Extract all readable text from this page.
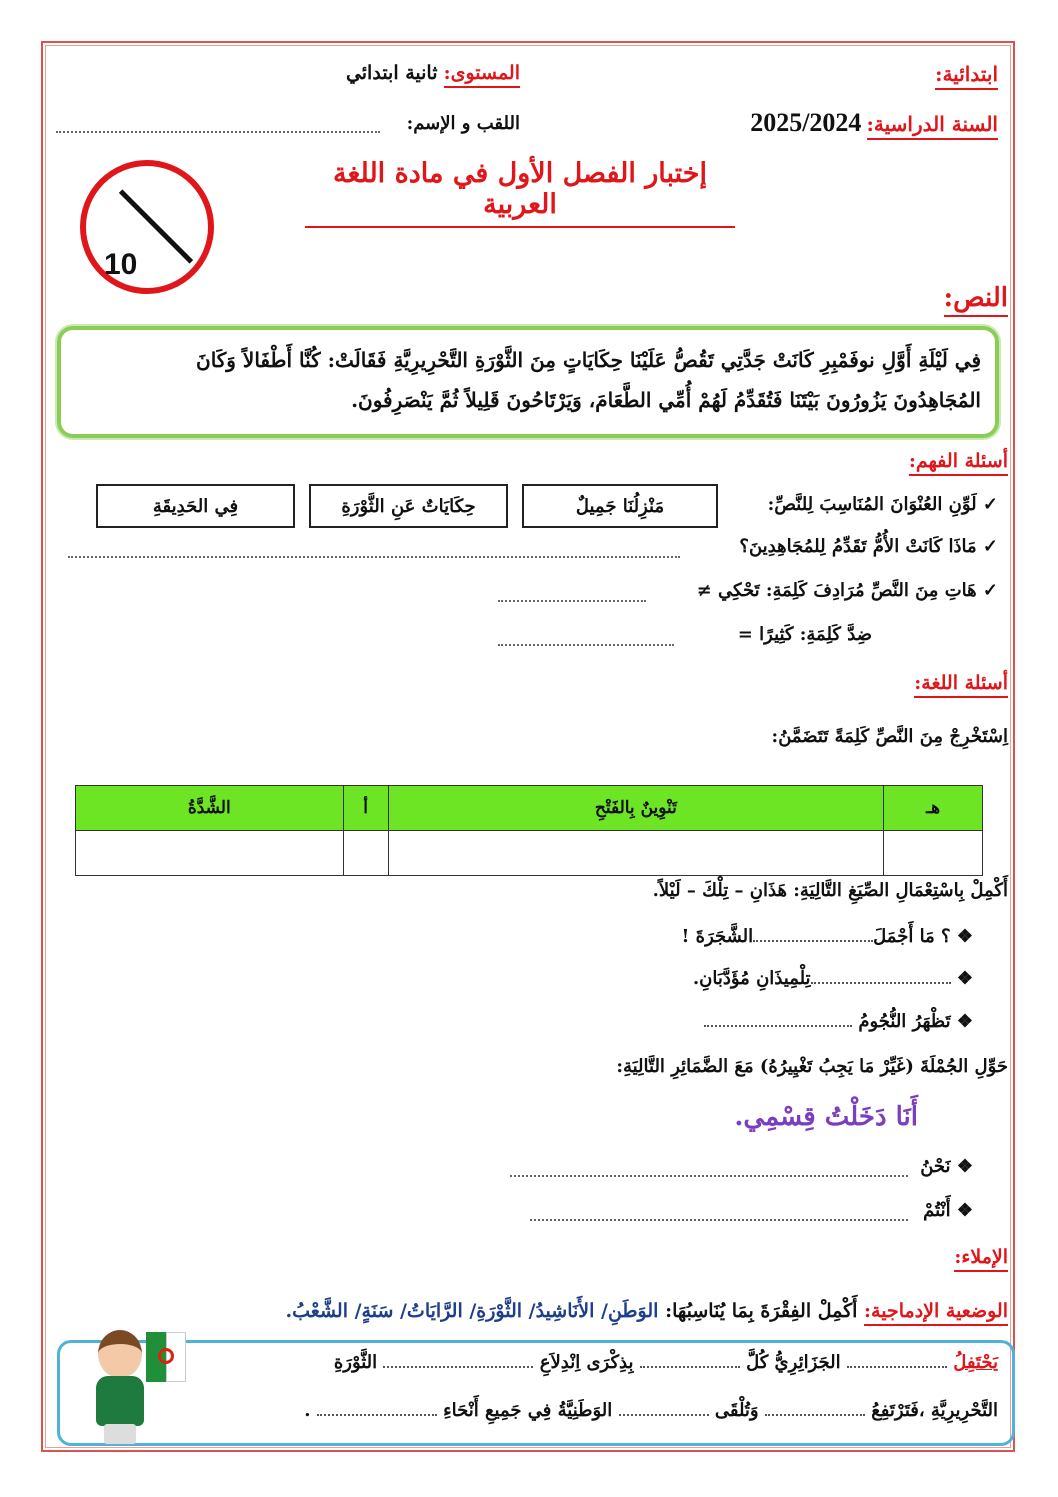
ابتدائية:
المستوى: ثانية ابتدائي
السنة الدراسية: 2025/2024
اللقب و الإسم:
إختبار الفصل الأول في مادة اللغة العربية
10
النص:
فِي لَيْلَةِ أَوَّلِ نوفَمْبِرِ كَانَتْ جَدَّتِي تَقُصُّ عَلَيْنَا حِكَايَاتٍ مِنَ الثَّوْرَةِ التَّحْرِيرِيَّةِ فَقَالَتْ: كُنَّا أَطْفَالاً وَكَانَ
المُجَاهِدُونَ يَزُورُونَ بَيْتَنَا فَتُقَدِّمُ لَهُمْ أُمِّي الطَّعَامَ، وَيَرْتَاحُونَ قَلِيلاً ثُمَّ يَنْصَرِفُونَ.
أسئلة الفهم:
✓ لَوِّنِ العُنْوَانَ المُنَاسِبَ لِلنَّصِّ:
مَنْزِلُنَا جَمِيلٌ
حِكَايَاتٌ عَنِ الثَّوْرَةِ
فِي الحَدِيقَةِ
✓ مَاذَا كَانَتْ الأُمُّ تَقَدِّمُ لِلمُجَاهِدِينَ؟
✓ هَاتِ مِنَ النَّصِّ مُرَادِفَ كَلِمَةِ: تَحْكِي ≠
ضِدَّ كَلِمَةِ: كَثِيرًا =
أسئلة اللغة:
اِسْتَخْرِجْ مِنَ النَّصِّ كَلِمَةً تَتَضَمَّنُ:
الشَّدَّةُ	أ	تَنْوِينٌ بِالفَتْحِ	هـ

أَكْمِلْ بِاسْتِعْمَالِ الصِّيَغِ التَّالِيَةِ: هَذَانِ – تِلْكَ – لَيْلاً.
❖ ؟ مَا أَجْمَلَالشَّجَرَةَ !
❖ تِلْمِيذَانِ مُؤَدَّبَانِ.
❖ تَظْهَرُ النُّجُومُ
حَوِّلِ الجُمْلَةَ (غَيِّرْ مَا يَجِبُ تَغْيِيرُهُ) مَعَ الضَّمَائِرِ التَّالِيَةِ:
أَنَا دَخَلْتُ قِسْمِي.
❖ نَحْنُ
❖ أَنْتُمْ
الإملاء:
الوضعية الإدماجية: أَكْمِلْ الفِقْرَةَ بِمَا يُنَاسِبُهَا: الوَطَنِ/ الأَنَاشِيدُ/ الثَّوْرَةِ/ الرَّايَاتُ/ سَنَةٍ/ الشَّعْبُ.
يَحْتَفِلُ  الجَزَائِرِيُّ كُلَّ  بِذِكْرَى اِنْدِلاَعِ  الثَّوْرَةِ
التَّحْرِيرِيَّةِ ،فَتَرْتَفِعُ  وَتُلْقَى  الوَطَنِيَّةُ فِي جَمِيعِ أَنْحَاءِ  .
